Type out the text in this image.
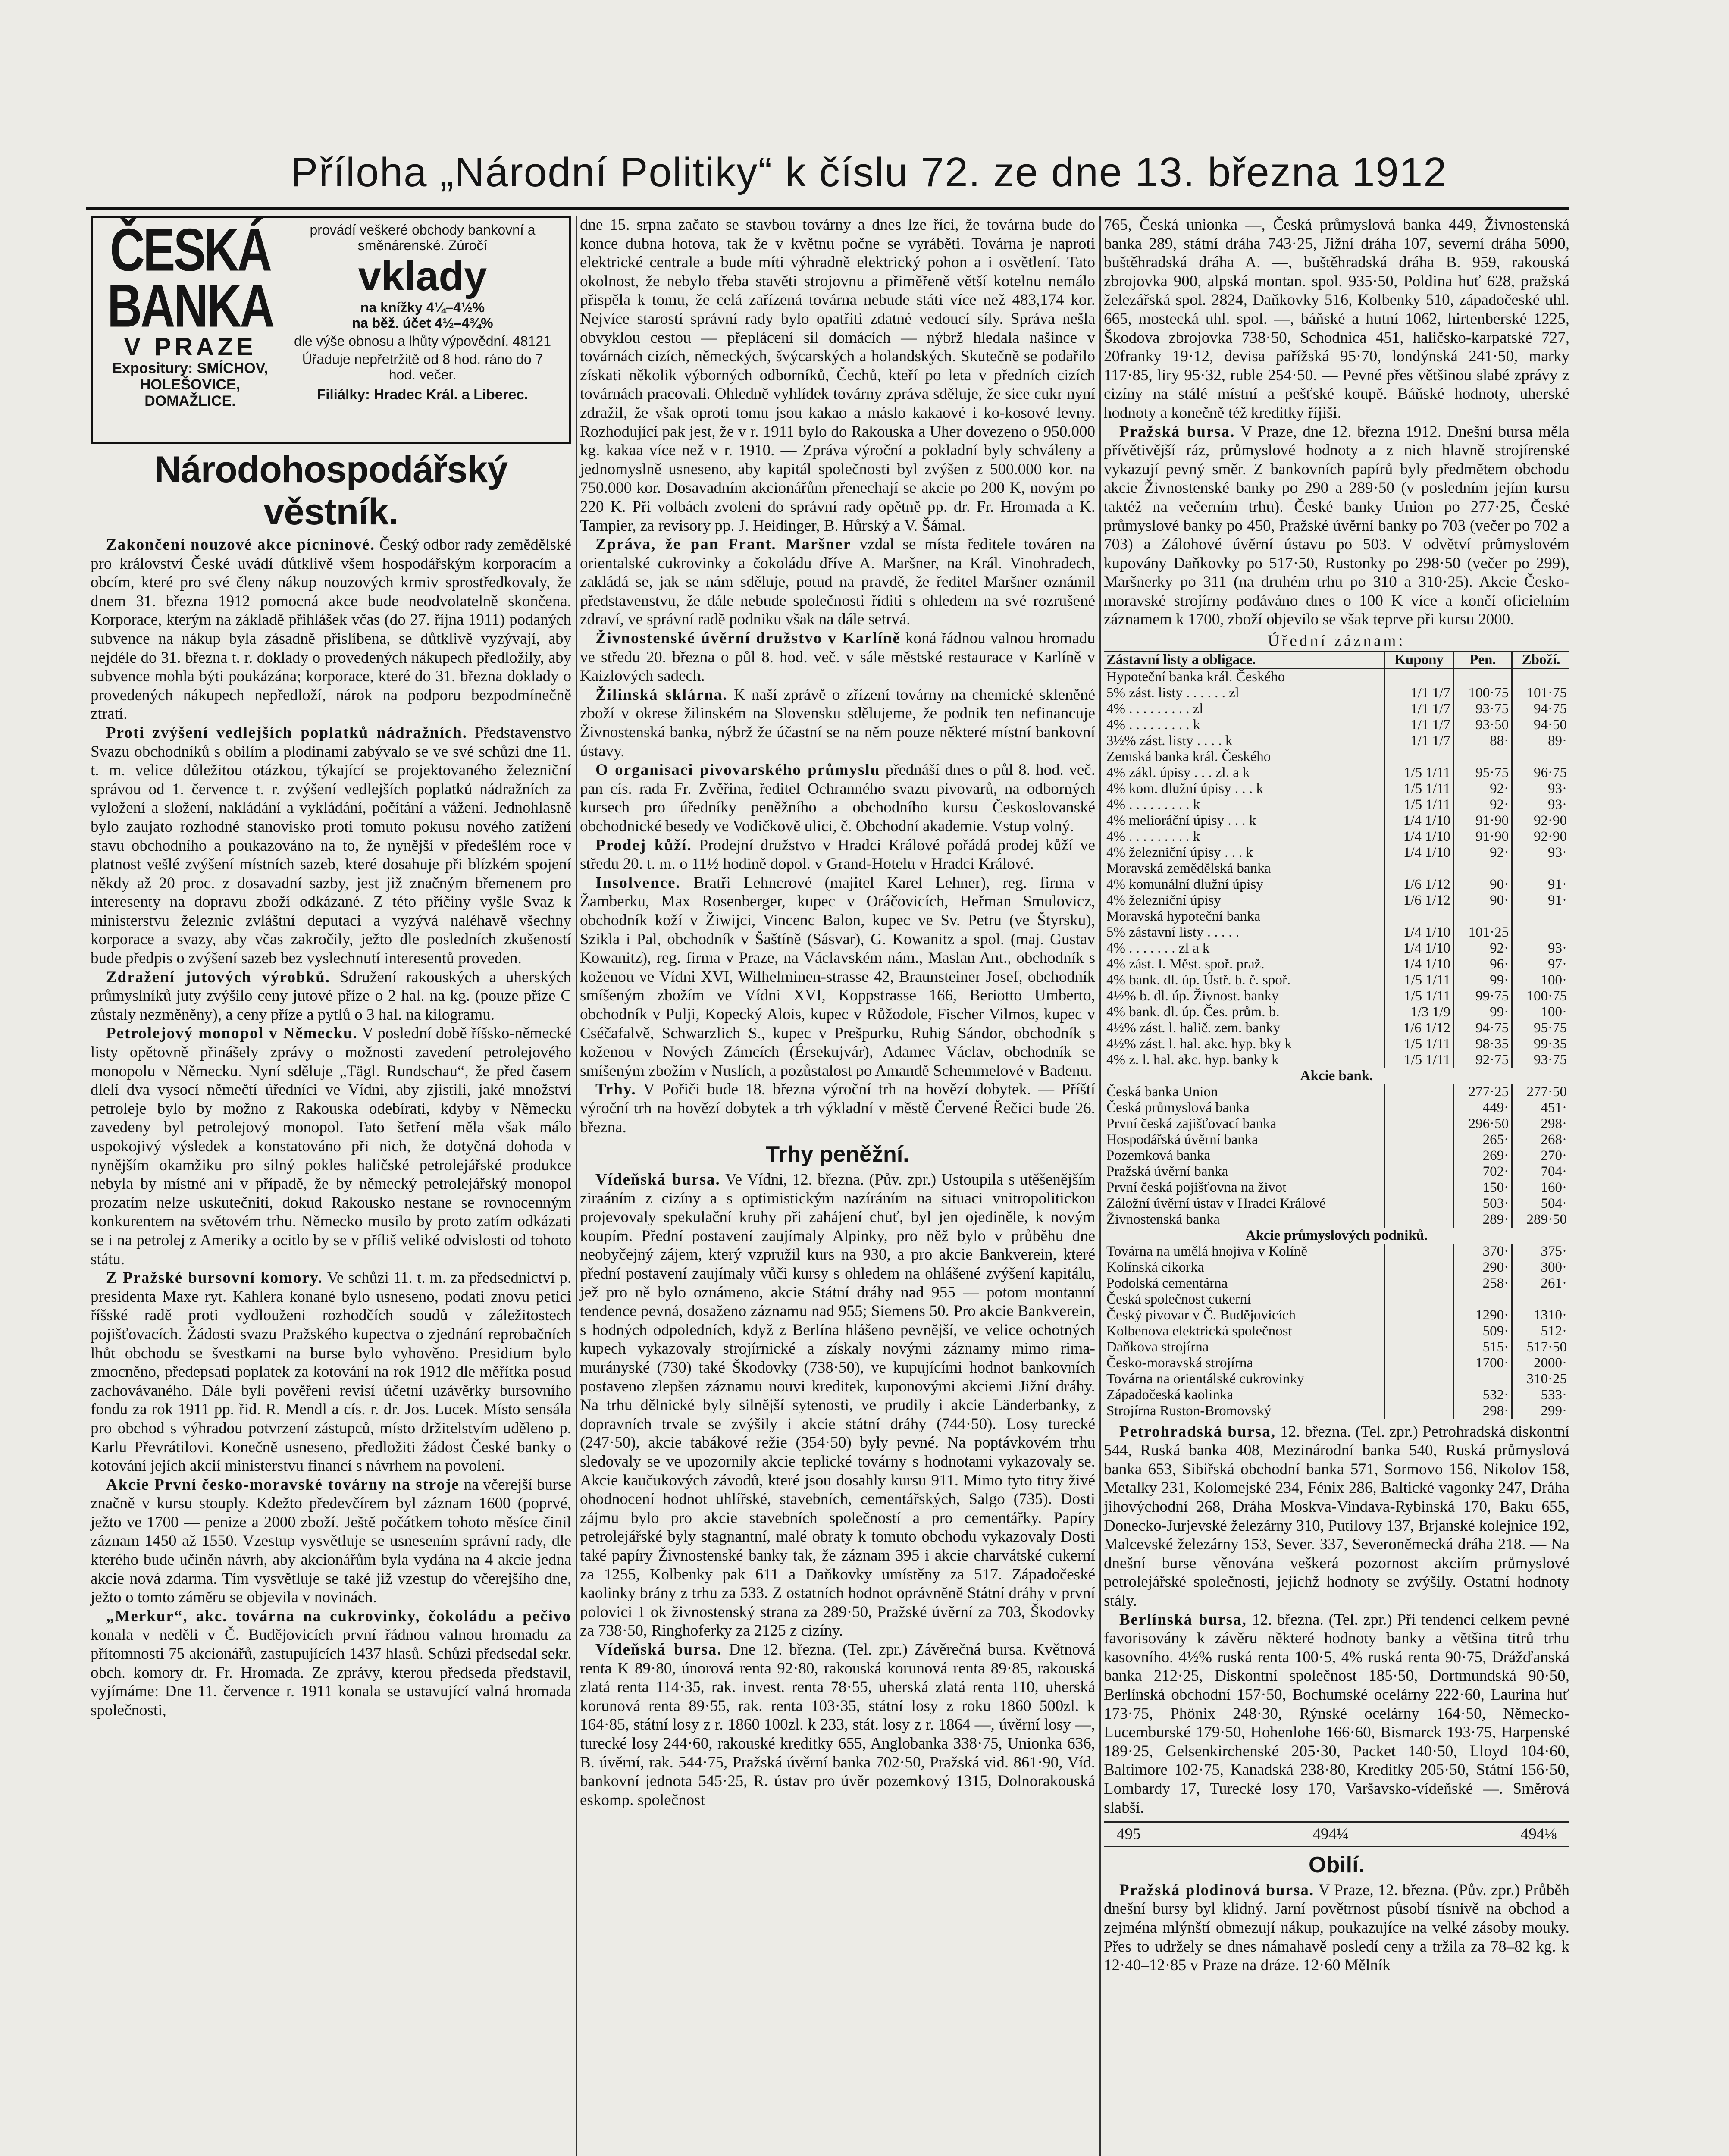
Příloha „Národní Politiky“ k číslu 72. ze dne 13. března 1912
ČESKÁ BANKA
V PRAZE
Expositury: SMÍCHOV, HOLEŠOVICE, DOMAŽLICE.
provádí veškeré obchody bankovní a směnárenské. Zúročí
vklady
na knížky 4¼–4½%
na běž. účet 4½–4¾%
dle výše obnosu a lhůty výpovědní. 48121
Úřaduje nepřetržitě od 8 hod. ráno do 7 hod. večer.
Filiálky: Hradec Král. a Liberec.
Národohospodářský věstník.

Zakončení nouzové akce pícninové. Český odbor rady zemědělské pro království České uvádí důtklivě všem hospodářským korporacím a obcím, které pro své členy nákup nouzových krmiv sprostředkovaly, že dnem 31. března 1912 pomocná akce bude neodvolatelně skončena. Korporace, kterým na základě přihlášek včas (do 27. října 1911) podaných subvence na nákup byla zásadně přislíbena, se důtklivě vyzývají, aby nejdéle do 31. března t. r. doklady o provedených nákupech předložily, aby subvence mohla býti poukázána; korporace, které do 31. března doklady o provedených nákupech nepředloží, nárok na podporu bezpodmínečně ztratí.

Proti zvýšení vedlejších poplatků nádražních. Představenstvo Svazu obchodníků s obilím a plodinami zabývalo se ve své schůzi dne 11. t. m. velice důležitou otázkou, týkající se projektovaného železniční správou od 1. července t. r. zvýšení vedlejších poplatků nádražních za vyložení a složení, nakládání a vykládání, počítání a vážení. Jednohlasně bylo zaujato rozhodné stanovisko proti tomuto pokusu nového zatížení stavu obchodního a poukazováno na to, že nynější v předešlém roce v platnost vešlé zvýšení místních sazeb, které dosahuje při blízkém spojení někdy až 20 proc. z dosavadní sazby, jest již značným břemenem pro interesenty na dopravu zboží odkázané. Z této příčiny vyšle Svaz k ministerstvu železnic zvláštní deputaci a vyzývá naléhavě všechny korporace a svazy, aby včas zakročily, ježto dle posledních zkušeností bude předpis o zvýšení sazeb bez vyslechnutí interesentů proveden.

Zdražení jutových výrobků. Sdružení rakouských a uherských průmyslníků juty zvýšilo ceny jutové příze o 2 hal. na kg. (pouze příze C zůstaly nezměněny), a ceny příze a pytlů o 3 hal. na kilogramu.

Petrolejový monopol v Německu. V poslední době říšsko-německé listy opětovně přinášely zprávy o možnosti zavedení petrolejového monopolu v Německu. Nyní sděluje „Tägl. Rundschau“, že před časem dlelí dva vysocí němečtí úředníci ve Vídni, aby zjistili, jaké množství petroleje bylo by možno z Rakouska odebírati, kdyby v Německu zavedeny byl petrolejový monopol. Tato šetření měla však málo uspokojivý výsledek a konstatováno při nich, že dotyčná dohoda v nynějším okamžiku pro silný pokles haličské petrolejářské produkce nebyla by místné ani v případě, že by německý petrolejářský monopol prozatím nelze uskutečniti, dokud Rakousko nestane se rovnocenným konkurentem na světovém trhu. Německo musilo by proto zatím odkázati se i na petrolej z Ameriky a ocitlo by se v příliš veliké odvislosti od tohoto státu.

Z Pražské bursovní komory. Ve schůzi 11. t. m. za předsednictví p. presidenta Maxe ryt. Kahlera konané bylo usneseno, podati znovu petici říšské radě proti vydlouženi rozhodčích soudů v záležitostech pojišťovacích. Žádosti svazu Pražského kupectva o zjednání reprobačních lhůt obchodu se švestkami na burse bylo vyhověno. Presidium bylo zmocněno, předepsati poplatek za kotování na rok 1912 dle měřítka posud zachovávaného. Dále byli pověřeni revisí účetní uzávěrky bursovního fondu za rok 1911 pp. řid. R. Mendl a cís. r. dr. Jos. Lucek. Místo sensála pro obchod s výhradou potvrzení zástupců, místo držitelstvím uděleno p. Karlu Převrátilovi. Konečně usneseno, předložiti žádost České banky o kotování jejích akcií ministerstvu financí s návrhem na povolení.

Akcie První česko-moravské továrny na stroje na včerejší burse značně v kursu stouply. Kdežto předevčírem byl záznam 1600 (poprvé, ježto ve 1700 — penize a 2000 zboží. Ještě počátkem tohoto měsíce činil záznam 1450 až 1550. Vzestup vysvětluje se usnesením správní rady, dle kterého bude učiněn návrh, aby akcionářům byla vydána na 4 akcie jedna akcie nová zdarma. Tím vysvětluje se také již vzestup do včerejšího dne, ježto o tomto záměru se objevila v novinách.

„Merkur“, akc. továrna na cukrovinky, čokoládu a pečivo konala v neděli v Č. Budějovicích první řádnou valnou hromadu za přítomnosti 75 akcionářů, zastupujících 1437 hlasů. Schůzi předsedal sekr. obch. komory dr. Fr. Hromada. Ze zprávy, kterou předseda představil, vyjímáme: Dne 11. července r. 1911 konala se ustavující valná hromada společnosti,

dne 15. srpna začato se stavbou továrny a dnes lze říci, že továrna bude do konce dubna hotova, tak že v květnu počne se vyráběti. Továrna je naproti elektrické centrale a bude míti výhradně elektrický pohon a i osvětlení. Tato okolnost, že nebylo třeba stavěti strojovnu a přiměřeně větší kotelnu nemálo přispěla k tomu, že celá zařízená továrna nebude státi více než 483,174 kor. Nejvíce starostí správní rady bylo opatřiti zdatné vedoucí síly. Správa nešla obvyklou cestou — přeplácení sil domácích — nýbrž hledala našince v továrnách cizích, německých, švýcarských a holandských. Skutečně se podařilo získati několik výborných odborníků, Čechů, kteří po leta v předních cizích továrnách pracovali. Ohledně vyhlídek továrny zpráva sděluje, že sice cukr nyní zdražil, že však oproti tomu jsou kakao a máslo kakaové i ko-kosové levny. Rozhodující pak jest, že v r. 1911 bylo do Rakouska a Uher dovezeno o 950.000 kg. kakaa více než v r. 1910. — Zpráva výroční a pokladní byly schváleny a jednomyslně usneseno, aby kapitál společnosti byl zvýšen z 500.000 kor. na 750.000 kor. Dosavadním akcionářům přenechají se akcie po 200 K, novým po 220 K. Při volbách zvoleni do správní rady opětně pp. dr. Fr. Hromada a K. Tampier, za revisory pp. J. Heidinger, B. Hůrský a V. Šámal.

Zpráva, že pan Frant. Maršner vzdal se místa ředitele továren na orientalské cukrovinky a čokoládu dříve A. Maršner, na Král. Vinohradech, zakládá se, jak se nám sděluje, potud na pravdě, že ředitel Maršner oznámil představenstvu, že dále nebude společnosti říditi s ohledem na své rozrušené zdraví, ve správní radě podniku však na dále setrvá.

Živnostenské úvěrní družstvo v Karlíně koná řádnou valnou hromadu ve středu 20. března o půl 8. hod. več. v sále městské restaurace v Karlíně v Kaizlových sadech.

Žilinská sklárna. K naší zprávě o zřízení továrny na chemické skleněné zboží v okrese žilinském na Slovensku sdělujeme, že podnik ten nefinancuje Živnostenská banka, nýbrž že účastní se na něm pouze některé místní bankovní ústavy.

O organisaci pivovarského průmyslu přednáší dnes o půl 8. hod. več. pan cís. rada Fr. Zvěřina, ředitel Ochranného svazu pivovarů, na odborných kursech pro úředníky peněžního a obchodního kursu Českoslovanské obchodnické besedy ve Vodičkově ulici, č. Obchodní akademie. Vstup volný.

Prodej kůží. Prodejní družstvo v Hradci Králové pořádá prodej kůží ve středu 20. t. m. o 11½ hodině dopol. v Grand-Hotelu v Hradci Králové.

Insolvence. Bratři Lehncrové (majitel Karel Lehner), reg. firma v Žamberku, Max Rosenberger, kupec v Oráčovicích, Heřman Smulovicz, obchodník koží v Žiwijci, Vincenc Balon, kupec ve Sv. Petru (ve Štyrsku), Szikla i Pal, obchodník v Šaštíně (Sásvar), G. Kowanitz a spol. (maj. Gustav Kowanitz), reg. firma v Praze, na Václavském nám., Maslan Ant., obchodník s koženou ve Vídni XVI, Wilhelminen-strasse 42, Braunsteiner Josef, obchodník smíšeným zbožím ve Vídni XVI, Koppstrasse 166, Beriotto Umberto, obchodník v Pulji, Kopecký Alois, kupec v Růžodole, Fischer Vilmos, kupec v Cséčafalvě, Schwarzlich S., kupec v Prešpurku, Ruhig Sándor, obchodník s koženou v Nových Zámcích (Érsekujvár), Adamec Václav, obchodník se smíšeným zbožím v Nuslích, a pozůstalost po Amandě Schemmelové v Badenu.

Trhy. V Pořiči bude 18. března výroční trh na hovězí dobytek. — Příští výroční trh na hovězí dobytek a trh výkladní v městě Červené Řečici bude 26. března.

Trhy peněžní.

Vídeňská bursa. Ve Vídni, 12. března. (Pův. zpr.) Ustoupila s utěšenějším ziraáním z cizíny a s optimistickým nazíráním na situaci vnitropolitickou projevovaly spekulační kruhy při zahájení chuť, byl jen ojediněle, k novým koupím. Přední postavení zaujímaly Alpinky, pro něž bylo v průběhu dne neobyčejný zájem, který vzpružil kurs na 930, a pro akcie Bankverein, které přední postavení zaujímaly vůči kursy s ohledem na ohlášené zvýšení kapitálu, jež pro ně bylo oznámeno, akcie Státní dráhy nad 955 — potom montanní tendence pevná, dosaženo záznamu nad 955; Siemens 50. Pro akcie Bankverein, s hodných odpoledních, když z Berlína hlášeno pevnější, ve velice ochotných kupech vykazovaly strojírnické a získaly novými záznamy mimo rima-murányské (730) také Škodovky (738·50), ve kupujícími hodnot bankovních postaveno zlepšen záznamu nouvi kreditek, kuponovými akciemi Jižní dráhy. Na trhu dělnické byly silnější sytenosti, ve prudily i akcie Länderbanky, z dopravních trvale se zvýšily i akcie státní dráhy (744·50). Losy turecké (247·50), akcie tabákové režie (354·50) byly pevné. Na poptávkovém trhu sledovaly se ve upozornily akcie teplické továrny s hodnotami vykazovaly se. Akcie kaučukových závodů, které jsou dosahly kursu 911. Mimo tyto titry živé ohodnocení hodnot uhlířské, stavebních, cementářských, Salgo (735). Dosti zájmu bylo pro akcie stavebních společností a pro cementářky. Papíry petrolejářské byly stagnantní, malé obraty k tomuto obchodu vykazovaly Dosti také papíry Živnostenské banky tak, že záznam 395 i akcie charvátské cukerní za 1255, Kolbenky pak 611 a Daňkovky umístěny za 517. Západočeské kaolinky brány z trhu za 533. Z ostatních hodnot oprávněně Státní dráhy v první polovici 1 ok živnostenský strana za 289·50, Pražské úvěrní za 703, Škodovky za 738·50, Ringhoferky za 2125 z cizíny.

Vídeňská bursa. Dne 12. března. (Tel. zpr.) Závěrečná bursa. Květnová renta K 89·80, únorová renta 92·80, rakouská korunová renta 89·85, rakouská zlatá renta 114·35, rak. invest. renta 78·55, uherská zlatá renta 110, uherská korunová renta 89·55, rak. renta 103·35, státní losy z roku 1860 500zl. k 164·85, státní losy z r. 1860 100zl. k 233, stát. losy z r. 1864 —, úvěrní losy —, turecké losy 244·60, rakouské kreditky 655, Anglobanka 338·75, Unionka 636, B. úvěrní, rak. 544·75, Pražská úvěrní banka 702·50, Pražská vid. 861·90, Víd. bankovní jednota 545·25, R. ústav pro úvěr pozemkový 1315, Dolnorakouská eskomp. společnost

765, Česká unionka —, Česká průmyslová banka 449, Živnostenská banka 289, státní dráha 743·25, Jižní dráha 107, severní dráha 5090, buštěhradská dráha A. —, buštěhradská dráha B. 959, rakouská zbrojovka 900, alpská montan. spol. 935·50, Poldina huť 628, pražská železářská spol. 2824, Daňkovky 516, Kolbenky 510, západočeské uhl. 665, mostecká uhl. spol. —, báňské a hutní 1062, hirtenberské 1225, Škodova zbrojovka 738·50, Schodnica 451, haličsko-karpatské 727, 20franky 19·12, devisa pařížská 95·70, londýnská 241·50, marky 117·85, liry 95·32, ruble 254·50. — Pevné přes většinou slabé zprávy z cizíny na stálé místní a pešťské koupě. Báňské hodnoty, uherské hodnoty a konečně též kreditky říjiši.

Pražská bursa. V Praze, dne 12. března 1912. Dnešní bursa měla přívětivější ráz, průmyslové hodnoty a z nich hlavně strojírenské vykazují pevný směr. Z bankovních papírů byly předmětem obchodu akcie Živnostenské banky po 290 a 289·50 (v posledním jejím kursu taktéž na večerním trhu). České banky Union po 277·25, České průmyslové banky po 450, Pražské úvěrní banky po 703 (večer po 702 a 703) a Zálohové úvěrní ústavu po 503. V odvětví průmyslovém kupovány Daňkovky po 517·50, Rustonky po 298·50 (večer po 299), Maršnerky po 311 (na druhém trhu po 310 a 310·25). Akcie Česko-moravské strojírny podáváno dnes o 100 K více a končí oficielním záznamem k 1700, zboží objevilo se však teprve při kursu 2000.

Úřední záznam:
Zástavní listy a obligace.	Kupony	Pen.	Zboží.
Hypoteční banka král. Českého			
5% zást. listy . . . . . . zl	1/1 1/7	100·75	101·75
4% . . . . . . . . . zl	1/1 1/7	93·75	94·75
4% . . . . . . . . . k	1/1 1/7	93·50	94·50
3½% zást. listy . . . . k	1/1 1/7	88·	89·
Zemská banka král. Českého			
4% zákl. úpisy . . . zl. a k	1/5 1/11	95·75	96·75
4% kom. dlužní úpisy . . . k	1/5 1/11	92·	93·
4% . . . . . . . . . k	1/5 1/11	92·	93·
4% melioráční úpisy . . . k	1/4 1/10	91·90	92·90
4% . . . . . . . . . k	1/4 1/10	91·90	92·90
4% železniční úpisy . . . k	1/4 1/10	92·	93·
Moravská zemědělská banka			
4% komunální dlužní úpisy	1/6 1/12	90·	91·
4% železniční úpisy	1/6 1/12	90·	91·
Moravská hypoteční banka			
5% zástavní listy . . . . .	1/4 1/10	101·25	
4% . . . . . . . zl a k	1/4 1/10	92·	93·
4% zást. l. Měst. spoř. praž.	1/4 1/10	96·	97·
4% bank. dl. úp. Ústř. b. č. spoř.	1/5 1/11	99·	100·
4½% b. dl. úp. Živnost. banky	1/5 1/11	99·75	100·75
4% bank. dl. úp. Čes. prům. b.	1/3 1/9	99·	100·
4½% zást. l. halič. zem. banky	1/6 1/12	94·75	95·75
4½% zást. l. hal. akc. hyp. bky k	1/5 1/11	98·35	99·35
4% z. l. hal. akc. hyp. banky k	1/5 1/11	92·75	93·75
Akcie bank.			
Česká banka Union		277·25	277·50
Česká průmyslová banka		449·	451·
První česká zajišťovací banka		296·50	298·
Hospodářská úvěrní banka		265·	268·
Pozemková banka		269·	270·
Pražská úvěrní banka		702·	704·
První česká pojišťovna na život		150·	160·
Záložní úvěrní ústav v Hradci Králové		503·	504·
Živnostenská banka		289·	289·50
Akcie průmyslových podniků.			
Továrna na umělá hnojiva v Kolíně		370·	375·
Kolínská cikorka		290·	300·
Podolská cementárna		258·	261·
Česká společnost cukerní			
Český pivovar v Č. Budějovicích		1290·	1310·
Kolbenova elektrická společnost		509·	512·
Daňkova strojírna		515·	517·50
Česko-moravská strojírna		1700·	2000·
Továrna na orientálské cukrovinky			310·25
Západočeská kaolinka		532·	533·
Strojírna Ruston-Bromovský		298·	299·

Petrohradská bursa, 12. března. (Tel. zpr.) Petrohradská diskontní 544, Ruská banka 408, Mezinárodní banka 540, Ruská průmyslová banka 653, Sibiřská obchodní banka 571, Sormovo 156, Nikolov 158, Metalky 231, Kolomejské 234, Fénix 286, Baltické vagonky 247, Dráha jihovýchodní 268, Dráha Moskva-Vindava-Rybinská 170, Baku 655, Donecko-Jurjevské železárny 310, Putilovy 137, Brjanské kolejnice 192, Malcevské železárny 153, Sever. 337, Severoněmecká dráha 218. — Na dnešní burse věnována veškerá pozornost akciím průmyslové petrolejářské společnosti, jejichž hodnoty se zvýšily. Ostatní hodnoty stály.

Berlínská bursa, 12. března. (Tel. zpr.) Při tendenci celkem pevné favorisovány k závěru některé hodnoty banky a většina titrů trhu kasovního. 4½% ruská renta 100·5, 4% ruská renta 90·75, Drážďanská banka 212·25, Diskontní společnost 185·50, Dortmundská 90·50, Berlínská obchodní 157·50, Bochumské ocelárny 222·60, Laurina huť 173·75, Phönix 248·30, Rýnské ocelárny 164·50, Německo-Lucemburské 179·50, Hohenlohe 166·60, Bismarck 193·75, Harpenské 189·25, Gelsenkirchenské 205·30, Packet 140·50, Lloyd 104·60, Baltimore 102·75, Kanadská 238·80, Kreditky 205·50, Státní 156·50, Lombardy 17, Turecké losy 170, Varšavsko-vídeňské —. Směrová slabší.

495	494¼	494⅛
Obilí.

Pražská plodinová bursa. V Praze, 12. března. (Pův. zpr.) Průběh dnešní bursy byl klidný. Jarní povětrnost působí tísnivě na obchod a zejména mlýnští obmezují nákup, poukazujíce na velké zásoby mouky. Přes to udržely se dnes námahavě posledí ceny a tržila za 78–82 kg. k 12·40–12·85 v Praze na dráze. 12·60 Mělník
